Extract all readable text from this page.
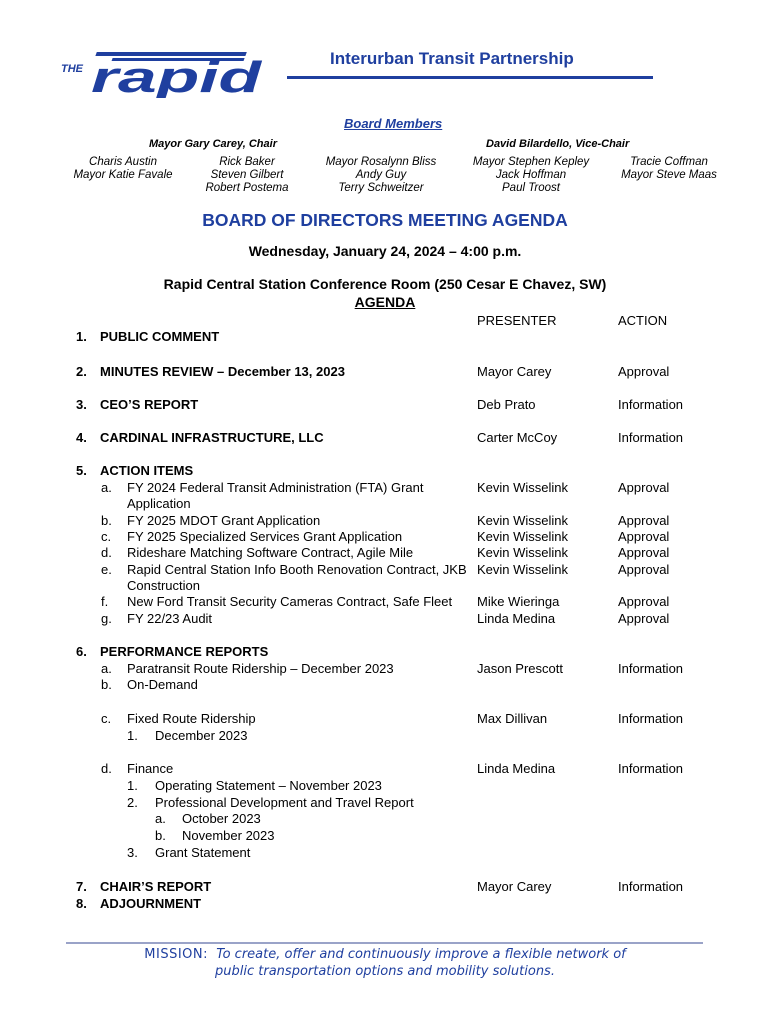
THE rapid	Interurban Transit Partnership
Board Members
Mayor Gary Carey, Chair	David Bilardello, Vice-Chair
Charis Austin
Mayor Katie Favale
Rick Baker
Steven Gilbert
Robert Postema
Mayor Rosalynn Bliss
Andy Guy
Terry Schweitzer
Mayor Stephen Kepley
Jack Hoffman
Paul Troost
Tracie Coffman
Mayor Steve Maas
BOARD OF DIRECTORS MEETING AGENDA
Wednesday, January 24, 2024 – 4:00 p.m.
Rapid Central Station Conference Room (250 Cesar E Chavez, SW)
AGENDA
PRESENTER	ACTION
1. PUBLIC COMMENT
2. MINUTES REVIEW – December 13, 2023	Mayor Carey	Approval
3. CEO’S REPORT	Deb Prato	Information
4. CARDINAL INFRASTRUCTURE, LLC	Carter McCoy	Information
5. ACTION ITEMS
a. FY 2024 Federal Transit Administration (FTA) Grant	Kevin Wisselink	Approval
Application
b. FY 2025 MDOT Grant Application	Kevin Wisselink	Approval
c. FY 2025 Specialized Services Grant Application	Kevin Wisselink	Approval
d. Rideshare Matching Software Contract, Agile Mile	Kevin Wisselink	Approval
e. Rapid Central Station Info Booth Renovation Contract, JKB Kevin Wisselink	Approval
Construction
f. New Ford Transit Security Cameras Contract, Safe Fleet Mike Wieringa	Approval
g. FY 22/23 Audit	Linda Medina	Approval
6. PERFORMANCE REPORTS
a. Paratransit Route Ridership – December 2023	Jason Prescott	Information
b. On-Demand
c. Fixed Route Ridership	Max Dillivan	Information
1. December 2023
d. Finance	Linda Medina	Information
1. Operating Statement – November 2023
2. Professional Development and Travel Report
a. October 2023
b. November 2023
3. Grant Statement
7. CHAIR’S REPORT	Mayor Carey	Information
8. ADJOURNMENT
MISSION: To create, offer and continuously improve a flexible network of
public transportation options and mobility solutions.
